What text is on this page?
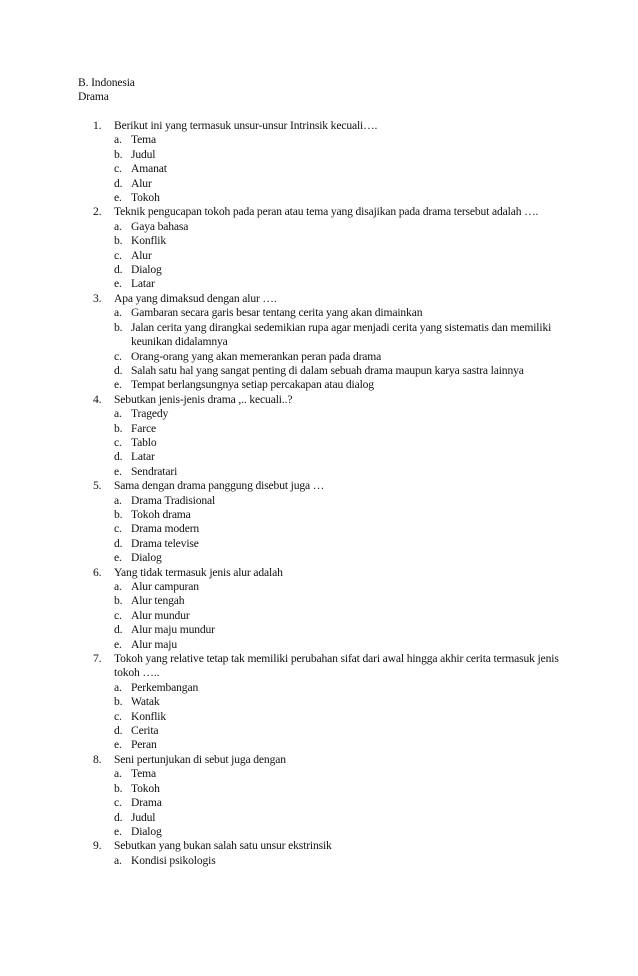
B. Indonesia
Drama
1.	Berikut ini yang termasuk unsur-unsur Intrinsik kecuali….
a. Tema
b. Judul
c. Amanat
d. Alur
e. Tokoh
2.	Teknik pengucapan tokoh pada peran atau tema yang disajikan pada drama tersebut adalah ….
a. Gaya bahasa
b. Konflik
c. Alur
d. Dialog
e. Latar
3.	Apa yang dimaksud dengan alur ….
a. Gambaran secara garis besar tentang cerita yang akan dimainkan
b. Jalan cerita yang dirangkai sedemikian rupa agar menjadi cerita yang sistematis dan memiliki keunikan didalamnya
c. Orang-orang yang akan memerankan peran pada drama
d. Salah satu hal yang sangat penting di dalam sebuah drama maupun karya sastra lainnya
e. Tempat berlangsungnya setiap percakapan atau dialog
4.	Sebutkan jenis-jenis drama ,.. kecuali..?
a. Tragedy
b. Farce
c. Tablo
d. Latar
e. Sendratari
5.	Sama dengan drama panggung disebut juga …
a. Drama Tradisional
b. Tokoh drama
c. Drama modern
d. Drama televise
e. Dialog
6.	Yang tidak termasuk jenis alur adalah
a. Alur campuran
b. Alur tengah
c. Alur mundur
d. Alur maju mundur
e. Alur maju
7.	Tokoh yang relative tetap tak memiliki perubahan sifat dari awal hingga akhir cerita termasuk jenis tokoh …..
a. Perkembangan
b. Watak
c. Konflik
d. Cerita
e. Peran
8.	Seni pertunjukan di sebut juga dengan
a. Tema
b. Tokoh
c. Drama
d. Judul
e. Dialog
9.	Sebutkan yang bukan salah satu unsur ekstrinsik
a. Kondisi psikologis
